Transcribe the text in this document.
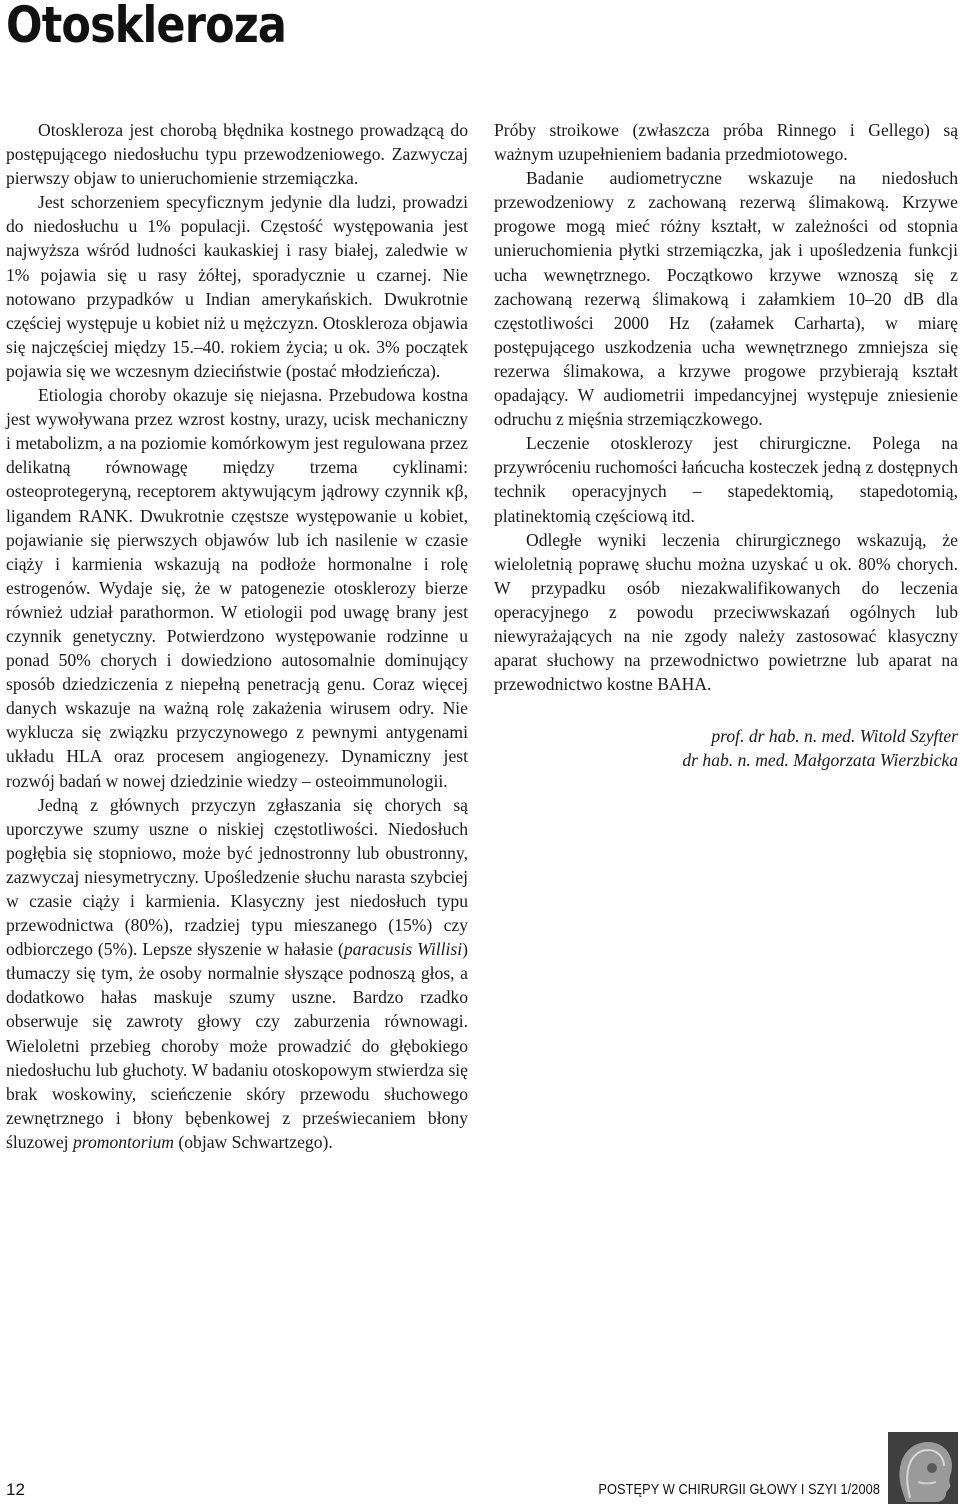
Otoskleroza

Otoskleroza jest chorobą błędnika kostnego prowadzącą do postępującego niedosłuchu typu przewodzeniowego. Zazwyczaj pierwszy objaw to unieruchomienie strzemiączka.

Jest schorzeniem specyficznym jedynie dla ludzi, prowadzi do niedosłuchu u 1% populacji. Częstość występowania jest najwyższa wśród ludności kaukaskiej i rasy białej, zaledwie w 1% pojawia się u rasy żółtej, sporadycznie u czarnej. Nie notowano przypadków u Indian amerykańskich. Dwukrotnie częściej występuje u kobiet niż u mężczyzn. Otoskleroza objawia się najczęściej między 15.–40. rokiem życia; u ok. 3% początek pojawia się we wczesnym dzieciństwie (postać młodzieńcza).

Etiologia choroby okazuje się niejasna. Przebudowa kostna jest wywoływana przez wzrost kostny, urazy, ucisk mechaniczny i metabolizm, a na poziomie komórkowym jest regulowana przez delikatną równowagę między trzema cyklinami: osteoprotegeryną, receptorem aktywującym jądrowy czynnik κβ, ligandem RANK. Dwukrotnie częstsze występowanie u kobiet, pojawianie się pierwszych objawów lub ich nasilenie w czasie ciąży i karmienia wskazują na podłoże hormonalne i rolę estrogenów. Wydaje się, że w patogenezie otosklerozy bierze również udział parathormon. W etiologii pod uwagę brany jest czynnik genetyczny. Potwierdzono występowanie rodzinne u ponad 50% chorych i dowiedziono autosomalnie dominujący sposób dziedziczenia z niepełną penetracją genu. Coraz więcej danych wskazuje na ważną rolę zakażenia wirusem odry. Nie wyklucza się związku przyczynowego z pewnymi antygenami układu HLA oraz procesem angiogenezy. Dynamiczny jest rozwój badań w nowej dziedzinie wiedzy – osteoimmunologii.

Jedną z głównych przyczyn zgłaszania się chorych są uporczywe szumy uszne o niskiej częstotliwości. Niedosłuch pogłębia się stopniowo, może być jednostronny lub obustronny, zazwyczaj niesymetryczny. Upośledzenie słuchu narasta szybciej w czasie ciąży i karmienia. Klasyczny jest niedosłuch typu przewodnictwa (80%), rzadziej typu mieszanego (15%) czy odbiorczego (5%). Lepsze słyszenie w hałasie (paracusis Willisi) tłumaczy się tym, że osoby normalnie słyszące podnoszą głos, a dodatkowo hałas maskuje szumy uszne. Bardzo rzadko obserwuje się zawroty głowy czy zaburzenia równowagi. Wieloletni przebieg choroby może prowadzić do głębokiego niedosłuchu lub głuchoty. W badaniu otoskopowym stwierdza się brak woskowiny, scieńczenie skóry przewodu słuchowego zewnętrznego i błony bębenkowej z przeświecaniem błony śluzowej promontorium (objaw Schwartzego).

Próby stroikowe (zwłaszcza próba Rinnego i Gellego) są ważnym uzupełnieniem badania przedmiotowego.

Badanie audiometryczne wskazuje na niedosłuch przewodzeniowy z zachowaną rezerwą ślimakową. Krzywe progowe mogą mieć różny kształt, w zależności od stopnia unieruchomienia płytki strzemiączka, jak i upośledzenia funkcji ucha wewnętrznego. Początkowo krzywe wznoszą się z zachowaną rezerwą ślimakową i załamkiem 10–20 dB dla częstotliwości 2000 Hz (załamek Carharta), w miarę postępującego uszkodzenia ucha wewnętrznego zmniejsza się rezerwa ślimakowa, a krzywe progowe przybierają kształt opadający. W audiometrii impedancyjnej występuje zniesienie odruchu z mięśnia strzemiączkowego.

Leczenie otosklerozy jest chirurgiczne. Polega na przywróceniu ruchomości łańcucha kosteczek jedną z dostępnych technik operacyjnych – stapedektomią, stapedotomią, platinektomią częściową itd.

Odległe wyniki leczenia chirurgicznego wskazują, że wieloletnią poprawę słuchu można uzyskać u ok. 80% chorych. W przypadku osób niezakwalifikowanych do leczenia operacyjnego z powodu przeciwwskazań ogólnych lub niewyrażających na nie zgody należy zastosować klasyczny aparat słuchowy na przewodnictwo powietrzne lub aparat na przewodnictwo kostne BAHA.

prof. dr hab. n. med. Witold Szyfter
dr hab. n. med. Małgorzata Wierzbicka
12	POSTĘPY W CHIRURGII GŁOWY I SZYI 1/2008
